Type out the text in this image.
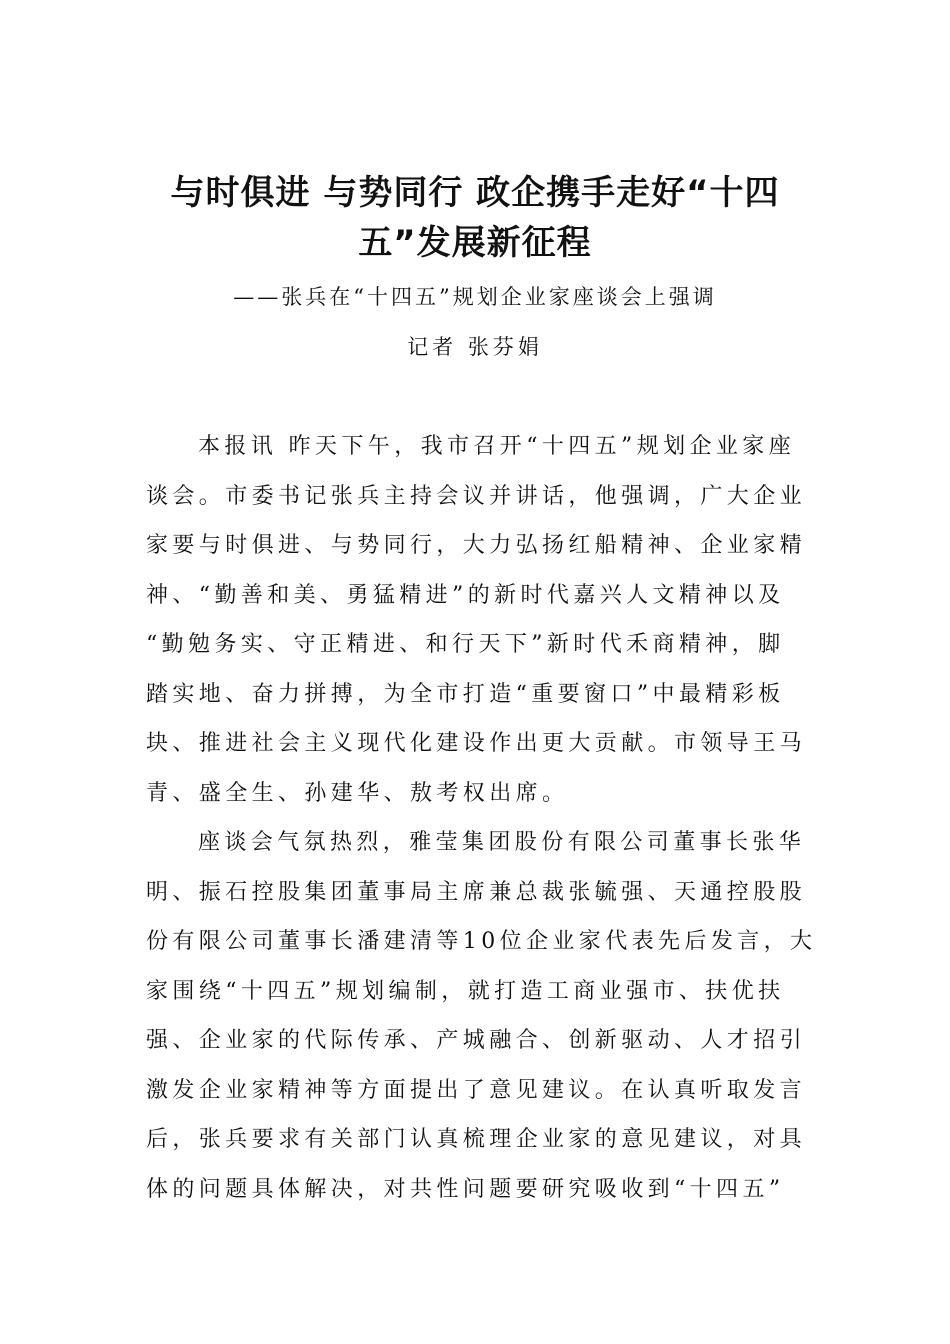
与时俱进 与势同行 政企携手走好“十四
五”发展新征程
——张兵在“十四五”规划企业家座谈会上强调
记者 张芬娟

本报讯 昨天下午，我市召开“十四五”规划企业家座
谈会。市委书记张兵主持会议并讲话，他强调，广大企业
家要与时俱进、与势同行，大力弘扬红船精神、企业家精
神、“勤善和美、勇猛精进”的新时代嘉兴人文精神以及
“勤勉务实、守正精进、和行天下”新时代禾商精神，脚
踏实地、奋力拼搏，为全市打造“重要窗口”中最精彩板
块、推进社会主义现代化建设作出更大贡献。市领导王马
青、盛全生、孙建华、敖考权出席。

座谈会气氛热烈，雅莹集团股份有限公司董事长张华
明、振石控股集团董事局主席兼总裁张毓强、天通控股股
份有限公司董事长潘建清等10位企业家代表先后发言，大
家围绕“十四五”规划编制，就打造工商业强市、扶优扶
强、企业家的代际传承、产城融合、创新驱动、人才招引
激发企业家精神等方面提出了意见建议。在认真听取发言
后，张兵要求有关部门认真梳理企业家的意见建议，对具
体的问题具体解决，对共性问题要研究吸收到“十四五”
